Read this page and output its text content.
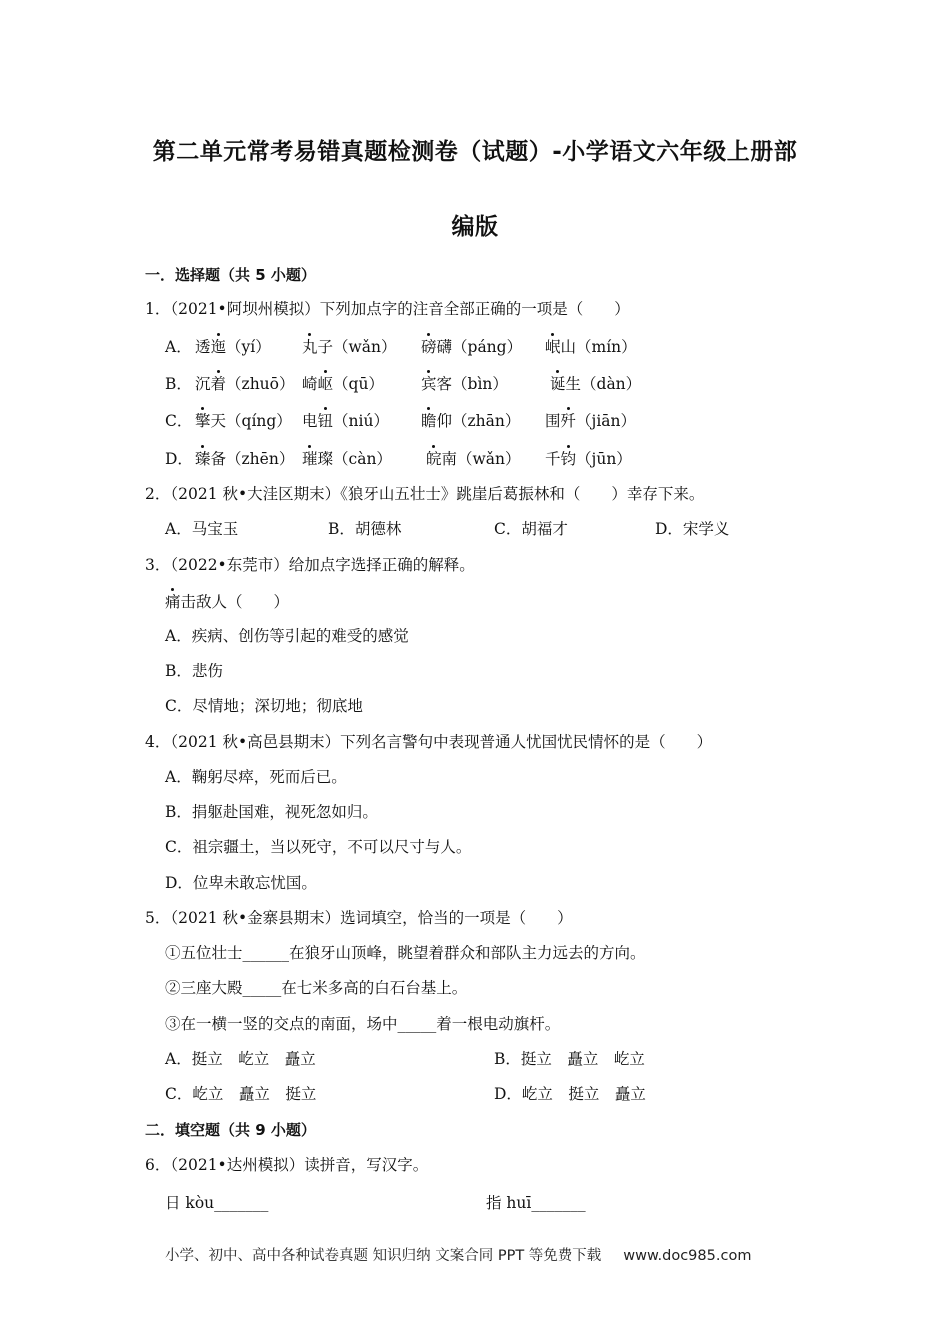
第二单元常考易错真题检测卷（试题）-小学语文六年级上册部
编版
一．选择题（共 5 小题）
1．（2021•阿坝州模拟）下列加点字的注音全部正确的一项是（　　）
A． 透迤（yí） 丸子（wǎn） 磅礴（páng） 岷山（mín）
B． 沉着（zhuō） 崎岖（qū） 宾客（bìn）	诞生（dàn）
C． 擎天（qíng） 电钮（niú） 瞻仰（zhān） 围歼（jiān）
D． 臻备（zhēn） 璀璨（càn） 皖南（wǎn） 千钧（jūn）
2．（2021 秋•大洼区期末）《狼牙山五壮士》跳崖后葛振林和（　　）幸存下来。
A．马宝玉	B．胡德林	C．胡福才	D．宋学义
3．（2022•东莞市）给加点字选择正确的解释。
痛击敌人（　　）
A．疾病、创伤等引起的难受的感觉
B．悲伤
C．尽情地；深切地；彻底地
4．（2021 秋•高邑县期末）下列名言警句中表现普通人忧国忧民情怀的是（　　）
A．鞠躬尽瘁，死而后已。
B．捐躯赴国难，视死忽如归。
C．祖宗疆土，当以死守，不可以尺寸与人。
D．位卑未敢忘忧国。
5．（2021 秋•金寨县期末）选词填空，恰当的一项是（　　）
①五位壮士______在狼牙山顶峰，眺望着群众和部队主力远去的方向。
②三座大殿_____在七米多高的白石台基上。
③在一横一竖的交点的南面，场中_____着一根电动旗杆。
A．挺立　屹立　矗立	B．挺立　矗立　屹立
C．屹立　矗立　挺立	D．屹立　挺立　矗立
二．填空题（共 9 小题）
6．（2021•达州模拟）读拼音，写汉字。
日 kòu_______	指 huī_______
小学、初中、高中各种试卷真题 知识归纳 文案合同 PPT 等免费下载 www.doc985.com
